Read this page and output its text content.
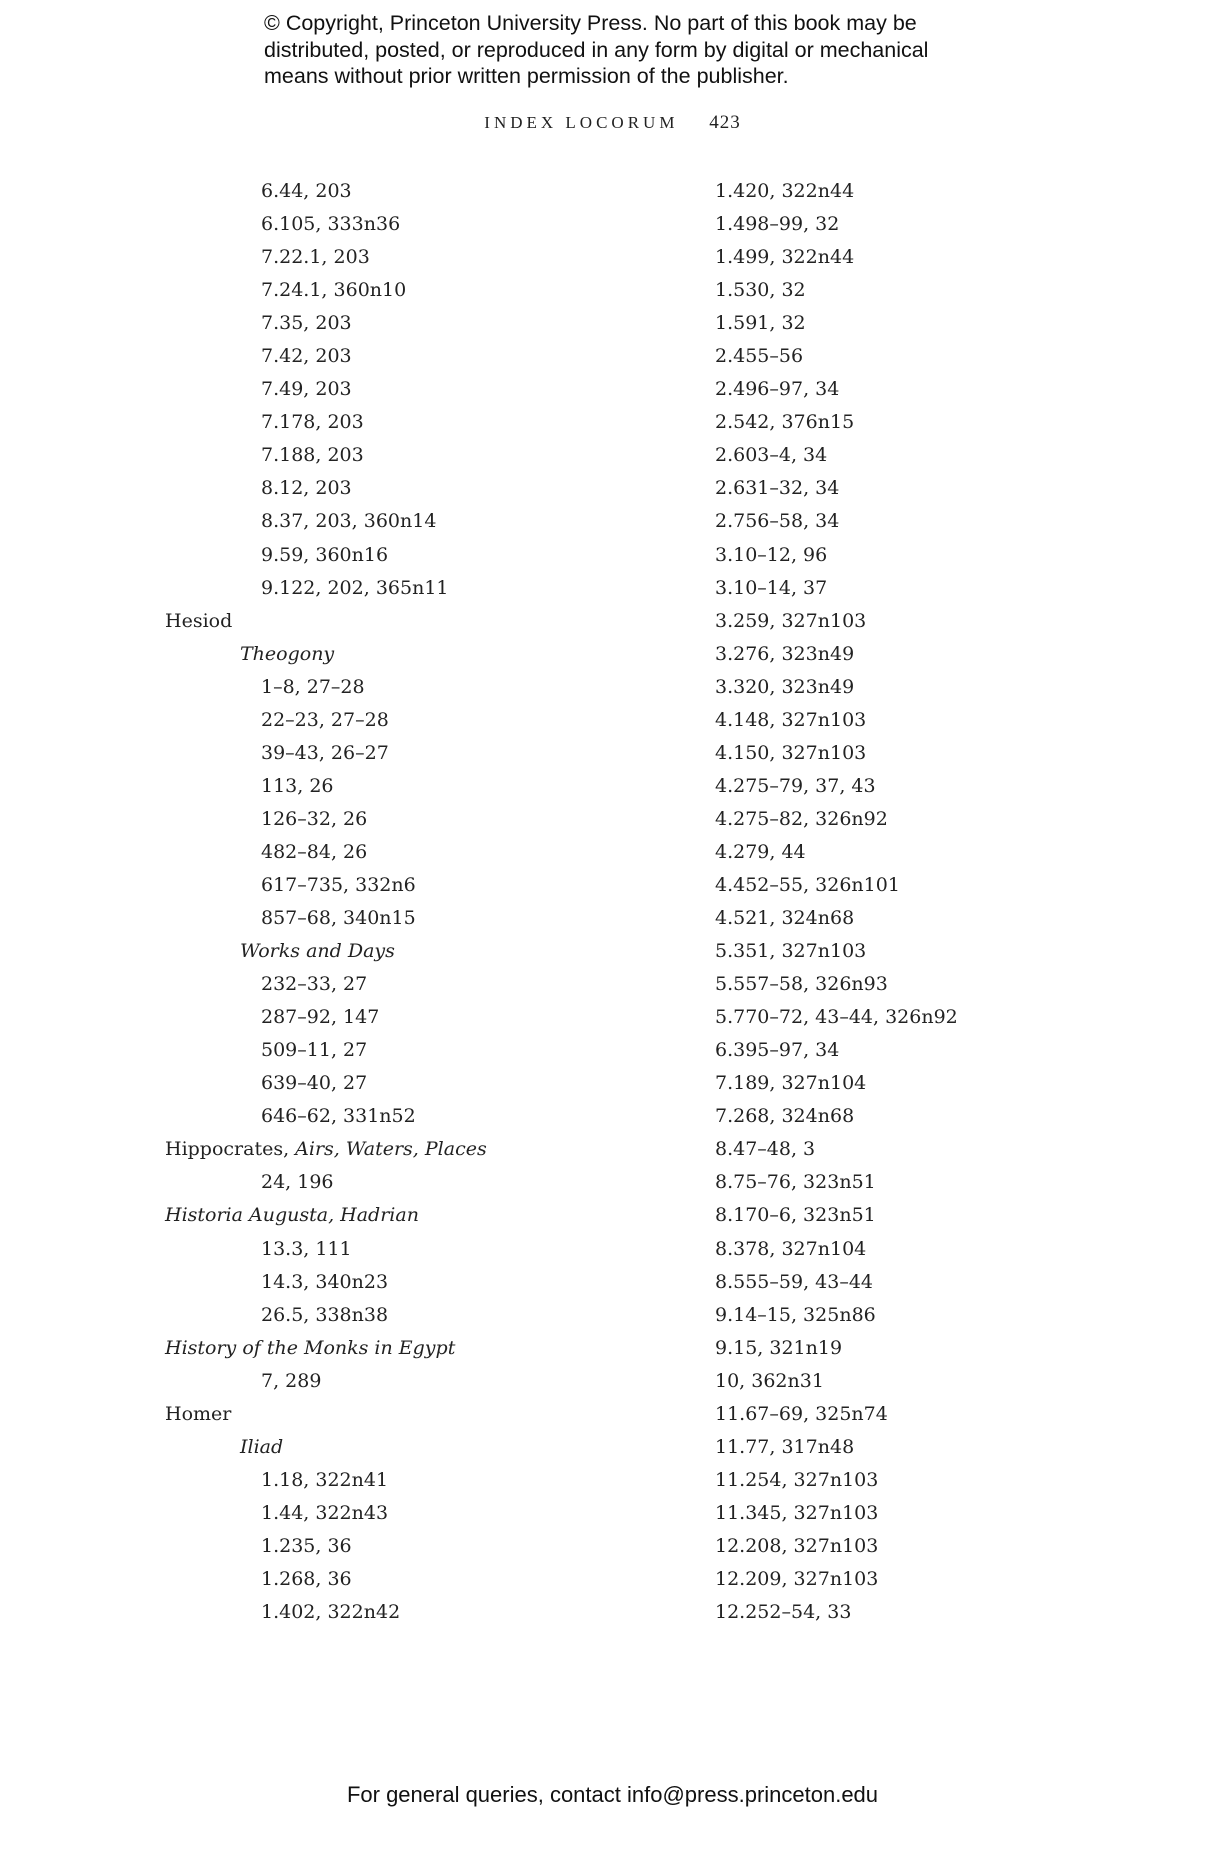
© Copyright, Princeton University Press. No part of this book may be
distributed, posted, or reproduced in any form by digital or mechanical
means without prior written permission of the publisher.
INDEX LOCORUM 423
6.44, 203
6.105, 333n36
7.22.1, 203
7.24.1, 360n10
7.35, 203
7.42, 203
7.49, 203
7.178, 203
7.188, 203
8.12, 203
8.37, 203, 360n14
9.59, 360n16
9.122, 202, 365n11
Hesiod
Theogony
1–8, 27–28
22–23, 27–28
39–43, 26–27
113, 26
126–32, 26
482–84, 26
617–735, 332n6
857–68, 340n15
Works and Days
232–33, 27
287–92, 147
509–11, 27
639–40, 27
646–62, 331n52
Hippocrates, Airs, Waters, Places
24, 196
Historia Augusta, Hadrian
13.3, 111
14.3, 340n23
26.5, 338n38
History of the Monks in Egypt
7, 289
Homer
Iliad
1.18, 322n41
1.44, 322n43
1.235, 36
1.268, 36
1.402, 322n42
1.420, 322n44
1.498–99, 32
1.499, 322n44
1.530, 32
1.591, 32
2.455–56
2.496–97, 34
2.542, 376n15
2.603–4, 34
2.631–32, 34
2.756–58, 34
3.10–12, 96
3.10–14, 37
3.259, 327n103
3.276, 323n49
3.320, 323n49
4.148, 327n103
4.150, 327n103
4.275–79, 37, 43
4.275–82, 326n92
4.279, 44
4.452–55, 326n101
4.521, 324n68
5.351, 327n103
5.557–58, 326n93
5.770–72, 43–44, 326n92
6.395–97, 34
7.189, 327n104
7.268, 324n68
8.47–48, 3
8.75–76, 323n51
8.170–6, 323n51
8.378, 327n104
8.555–59, 43–44
9.14–15, 325n86
9.15, 321n19
10, 362n31
11.67–69, 325n74
11.77, 317n48
11.254, 327n103
11.345, 327n103
12.208, 327n103
12.209, 327n103
12.252–54, 33
For general queries, contact info@press.princeton.edu
